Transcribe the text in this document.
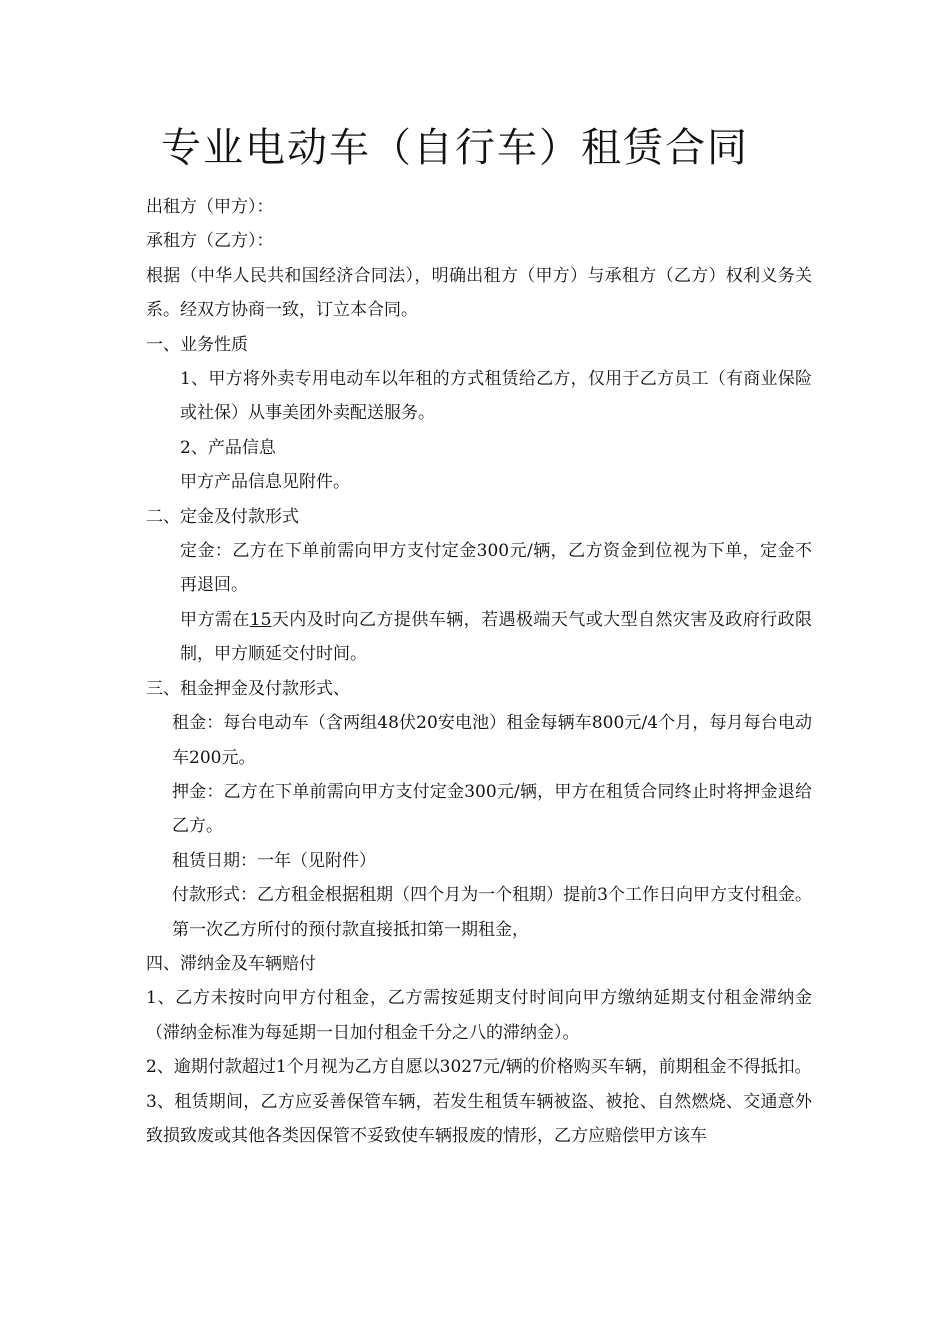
专业电动车（自行车）租赁合同

出租方（甲方）：

承租方（乙方）：

根据（中华人民共和国经济合同法），明确出租方（甲方）与承租方（乙方）权利义务关系。经双方协商一致，订立本合同。

一、业务性质

1、甲方将外卖专用电动车以年租的方式租赁给乙方，仅用于乙方员工（有商业保险或社保）从事美团外卖配送服务。

2、产品信息

甲方产品信息见附件。

二、定金及付款形式

定金：乙方在下单前需向甲方支付定金300元/辆，乙方资金到位视为下单，定金不再退回。

甲方需在15天内及时向乙方提供车辆，若遇极端天气或大型自然灾害及政府行政限制，甲方顺延交付时间。

三、租金押金及付款形式、

租金：每台电动车（含两组48伏20安电池）租金每辆车800元/4个月，每月每台电动车200元。

押金：乙方在下单前需向甲方支付定金300元/辆，甲方在租赁合同终止时将押金退给乙方。

租赁日期：一年（见附件）

付款形式：乙方租金根据租期（四个月为一个租期）提前3个工作日向甲方支付租金。第一次乙方所付的预付款直接抵扣第一期租金，

四、滞纳金及车辆赔付

1、乙方未按时向甲方付租金，乙方需按延期支付时间向甲方缴纳延期支付租金滞纳金（滞纳金标准为每延期一日加付租金千分之八的滞纳金）。

2、逾期付款超过1个月视为乙方自愿以3027元/辆的价格购买车辆，前期租金不得抵扣。

3、租赁期间，乙方应妥善保管车辆，若发生租赁车辆被盗、被抢、自然燃烧、交通意外致损致废或其他各类因保管不妥致使车辆报废的情形，乙方应赔偿甲方该车
